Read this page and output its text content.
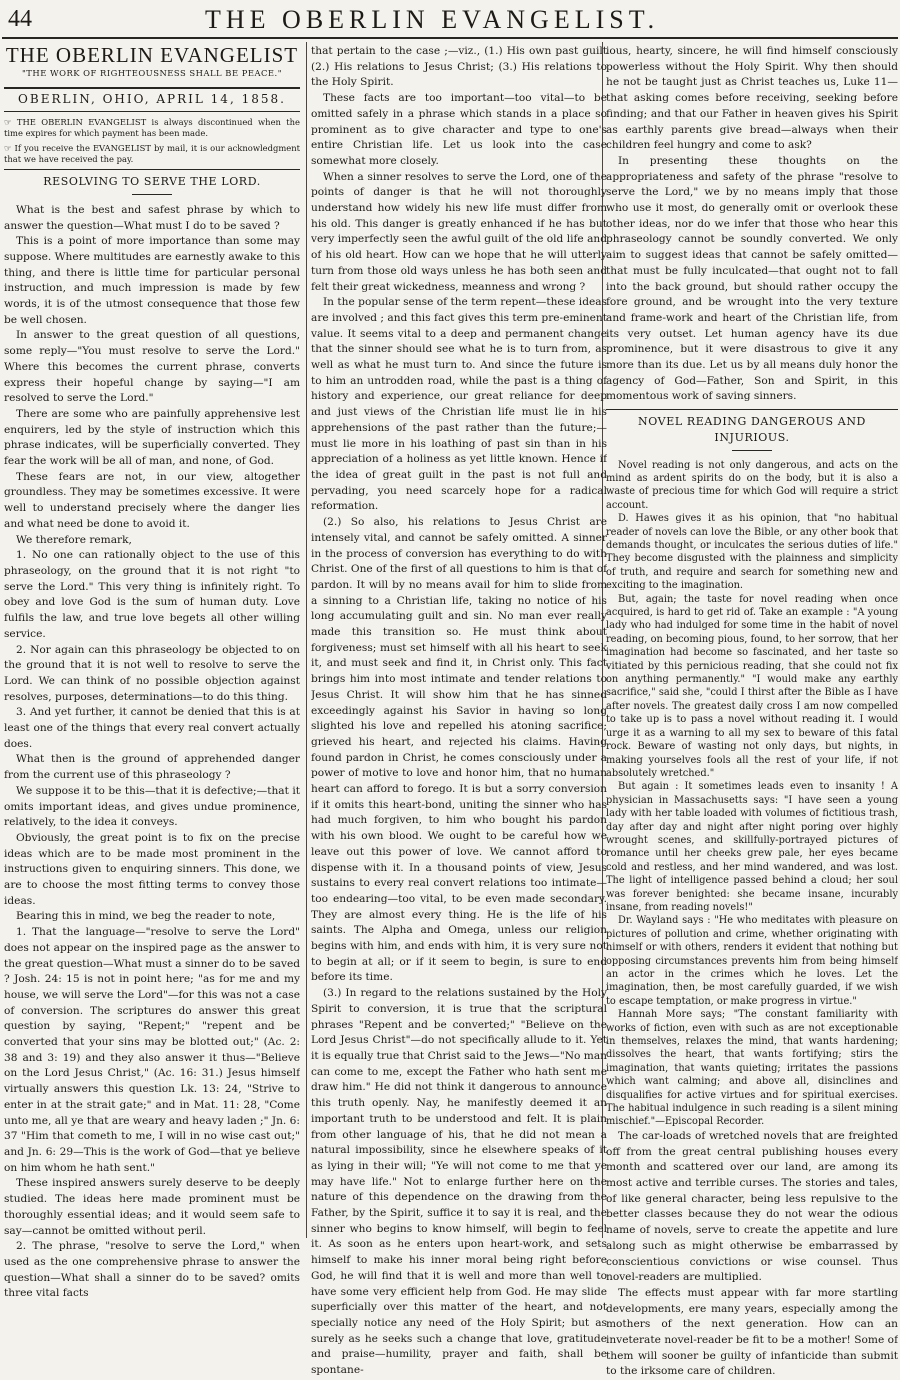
44	THE OBERLIN EVANGELIST.
THE OBERLIN EVANGELIST
"THE WORK OF RIGHTEOUSNESS SHALL BE PEACE."
OBERLIN, OHIO, APRIL 14, 1858.

☞ THE OBERLIN EVANGELIST is always discontinued when the time expires for which payment has been made.

☞ If you receive the EVANGELIST by mail, it is our acknowledgment that we have received the pay.

RESOLVING TO SERVE THE LORD.

What is the best and safest phrase by which to answer the question—What must I do to be saved ?

This is a point of more importance than some may suppose. Where multitudes are earnestly awake to this thing, and there is little time for particular personal instruction, and much impression is made by few words, it is of the utmost consequence that those few be well chosen.

In answer to the great question of all questions, some reply—"You must resolve to serve the Lord." Where this becomes the current phrase, converts express their hopeful change by saying—"I am resolved to serve the Lord."

There are some who are painfully apprehensive lest enquirers, led by the style of instruction which this phrase indicates, will be superficially converted. They fear the work will be all of man, and none, of God.

These fears are not, in our view, altogether groundless. They may be sometimes excessive. It were well to understand precisely where the danger lies and what need be done to avoid it.

We therefore remark,

1. No one can rationally object to the use of this phraseology, on the ground that it is not right "to serve the Lord." This very thing is infinitely right. To obey and love God is the sum of human duty. Love fulfils the law, and true love begets all other willing service.

2. Nor again can this phraseology be objected to on the ground that it is not well to resolve to serve the Lord. We can think of no possible objection against resolves, purposes, determinations—to do this thing.

3. And yet further, it cannot be denied that this is at least one of the things that every real convert actually does.

What then is the ground of apprehended danger from the current use of this phraseology ?

We suppose it to be this—that it is defective;—that it omits important ideas, and gives undue prominence, relatively, to the idea it conveys.

Obviously, the great point is to fix on the precise ideas which are to be made most prominent in the instructions given to enquiring sinners. This done, we are to choose the most fitting terms to convey those ideas.

Bearing this in mind, we beg the reader to note,

1. That the language—"resolve to serve the Lord" does not appear on the inspired page as the answer to the great question—What must a sinner do to be saved ? Josh. 24: 15 is not in point here; "as for me and my house, we will serve the Lord"—for this was not a case of conversion. The scriptures do answer this great question by saying, "Repent;" "repent and be converted that your sins may be blotted out;" (Ac. 2: 38 and 3: 19) and they also answer it thus—"Believe on the Lord Jesus Christ," (Ac. 16: 31.) Jesus himself virtually answers this question Lk. 13: 24, "Strive to enter in at the strait gate;" and in Mat. 11: 28, "Come unto me, all ye that are weary and heavy laden ;" Jn. 6: 37 "Him that cometh to me, I will in no wise cast out;" and Jn. 6: 29—This is the work of God—that ye believe on him whom he hath sent."

These inspired answers surely deserve to be deeply studied. The ideas here made prominent must be thoroughly essential ideas; and it would seem safe to say—cannot be omitted without peril.

2. The phrase, "resolve to serve the Lord," when used as the one comprehensive phrase to answer the question—What shall a sinner do to be saved? omits three vital facts

that pertain to the case ;—viz., (1.) His own past guilt (2.) His relations to Jesus Christ; (3.) His relations to the Holy Spirit.

These facts are too important—too vital—to be omitted safely in a phrase which stands in a place so prominent as to give character and type to one's entire Christian life. Let us look into the case somewhat more closely.

When a sinner resolves to serve the Lord, one of the points of danger is that he will not thoroughly understand how widely his new life must differ from his old. This danger is greatly enhanced if he has but very imperfectly seen the awful guilt of the old life and of his old heart. How can we hope that he will utterly turn from those old ways unless he has both seen and felt their great wickedness, meanness and wrong ?

In the popular sense of the term repent—these ideas are involved ; and this fact gives this term pre-eminent value. It seems vital to a deep and permanent change that the sinner should see what he is to turn from, as well as what he must turn to. And since the future is to him an untrodden road, while the past is a thing of history and experience, our great reliance for deep and just views of the Christian life must lie in his apprehensions of the past rather than the future;—must lie more in his loathing of past sin than in his appreciation of a holiness as yet little known. Hence if the idea of great guilt in the past is not full and pervading, you need scarcely hope for a radical reformation.

(2.) So also, his relations to Jesus Christ are intensely vital, and cannot be safely omitted. A sinner in the process of conversion has everything to do with Christ. One of the first of all questions to him is that of pardon. It will by no means avail for him to slide from a sinning to a Christian life, taking no notice of his long accumulating guilt and sin. No man ever really made this transition so. He must think about forgiveness; must set himself with all his heart to seek it, and must seek and find it, in Christ only. This fact brings him into most intimate and tender relations to Jesus Christ. It will show him that he has sinned exceedingly against his Savior in having so long slighted his love and repelled his atoning sacrifice; grieved his heart, and rejected his claims. Having found pardon in Christ, he comes consciously under a power of motive to love and honor him, that no human heart can afford to forego. It is but a sorry conversion if it omits this heart-bond, uniting the sinner who has had much forgiven, to him who bought his pardon with his own blood. We ought to be careful how we leave out this power of love. We cannot afford to dispense with it. In a thousand points of view, Jesus sustains to every real convert relations too intimate—too endearing—too vital, to be even made secondary. They are almost every thing. He is the life of his saints. The Alpha and Omega, unless our religion begins with him, and ends with him, it is very sure not to begin at all; or if it seem to begin, is sure to end before its time.

(3.) In regard to the relations sustained by the Holy Spirit to conversion, it is true that the scriptural phrases "Repent and be converted;" "Believe on the Lord Jesus Christ"—do not specifically allude to it. Yet it is equally true that Christ said to the Jews—"No man can come to me, except the Father who hath sent me draw him." He did not think it dangerous to announce this truth openly. Nay, he manifestly deemed it an important truth to be understood and felt. It is plain from other language of his, that he did not mean a natural impossibility, since he elsewhere speaks of it as lying in their will; "Ye will not come to me that ye may have life." Not to enlarge further here on the nature of this dependence on the drawing from the Father, by the Spirit, suffice it to say it is real, and the sinner who begins to know himself, will begin to feel it. As soon as he enters upon heart-work, and sets himself to make his inner moral being right before God, he will find that it is well and more than well to have some very efficient help from God. He may slide superficially over this matter of the heart, and not specially notice any need of the Holy Spirit; but as surely as he seeks such a change that love, gratitude and praise—humility, prayer and faith, shall be spontane-

ious, hearty, sincere, he will find himself consciously powerless without the Holy Spirit. Why then should he not be taught just as Christ teaches us, Luke 11—that asking comes before receiving, seeking before finding; and that our Father in heaven gives his Spirit as earthly parents give bread—always when their children feel hungry and come to ask?

In presenting these thoughts on the appropriateness and safety of the phrase "resolve to serve the Lord," we by no means imply that those who use it most, do generally omit or overlook these other ideas, nor do we infer that those who hear this phraseology cannot be soundly converted. We only aim to suggest ideas that cannot be safely omitted—that must be fully inculcated—that ought not to fall into the back ground, but should rather occupy the fore ground, and be wrought into the very texture and frame-work and heart of the Christian life, from its very outset. Let human agency have its due prominence, but it were disastrous to give it any more than its due. Let us by all means duly honor the agency of God—Father, Son and Spirit, in this momentous work of saving sinners.

NOVEL READING DANGEROUS AND INJURIOUS.

Novel reading is not only dangerous, and acts on the mind as ardent spirits do on the body, but it is also a waste of precious time for which God will require a strict account.

D. Hawes gives it as his opinion, that "no habitual reader of novels can love the Bible, or any other book that demands thought, or inculcates the serious duties of life." They become disgusted with the plainness and simplicity of truth, and require and search for something new and exciting to the imagination.

But, again; the taste for novel reading when once acquired, is hard to get rid of. Take an example : "A young lady who had indulged for some time in the habit of novel reading, on becoming pious, found, to her sorrow, that her imagination had become so fascinated, and her taste so vitiated by this pernicious reading, that she could not fix on anything permanently." "I would make any earthly sacrifice," said she, "could I thirst after the Bible as I have after novels. The greatest daily cross I am now compelled to take up is to pass a novel without reading it. I would urge it as a warning to all my sex to beware of this fatal rock. Beware of wasting not only days, but nights, in making yourselves fools all the rest of your life, if not absolutely wretched."

But again : It sometimes leads even to insanity ! A physician in Massachusetts says: "I have seen a young lady with her table loaded with volumes of fictitious trash, day after day and night after night poring over highly wrought scenes, and skillfully-portrayed pictures of romance until her cheeks grew pale, her eyes became cold and restless, and her mind wandered, and was lost. The light of intelligence passed behind a cloud; her soul was forever benighted: she became insane, incurably insane, from reading novels!"

Dr. Wayland says : "He who meditates with pleasure on pictures of pollution and crime, whether originating with himself or with others, renders it evident that nothing but opposing circumstances prevents him from being himself an actor in the crimes which he loves. Let the imagination, then, be most carefully guarded, if we wish to escape temptation, or make progress in virtue."

Hannah More says; "The constant familiarity with works of fiction, even with such as are not exceptionable in themselves, relaxes the mind, that wants hardening; dissolves the heart, that wants fortifying; stirs the imagination, that wants quieting; irritates the passions which want calming; and above all, disinclines and disqualifies for active virtues and for spiritual exercises. The habitual indulgence in such reading is a silent mining mischief."—Episcopal Recorder.

The car-loads of wretched novels that are freighted off from the great central publishing houses every month and scattered over our land, are among its most active and terrible curses. The stories and tales, of like general character, being less repulsive to the better classes because they do not wear the odious name of novels, serve to create the appetite and lure along such as might otherwise be embarrassed by conscientious convictions or wise counsel. Thus novel-readers are multiplied.

The effects must appear with far more startling developments, ere many years, especially among the mothers of the next generation. How can an inveterate novel-reader be fit to be a mother! Some of them will sooner be guilty of infanticide than submit to the irksome care of children.
